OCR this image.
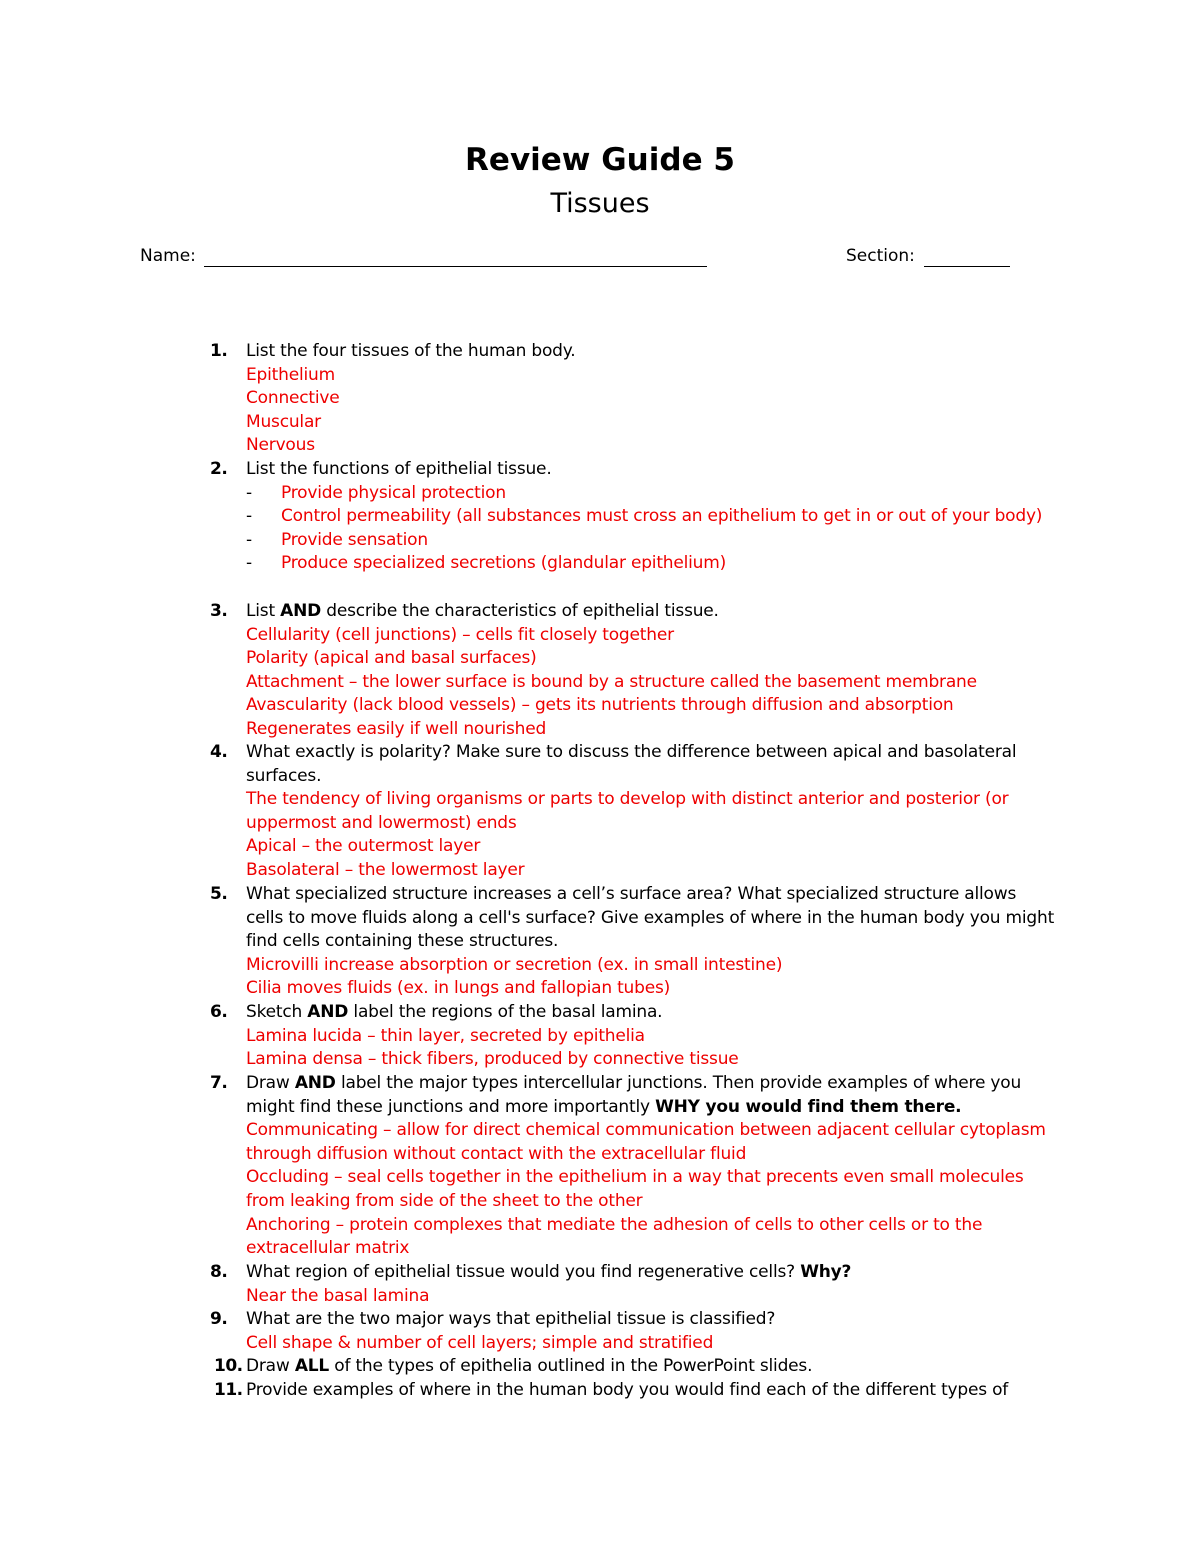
Review Guide 5
Tissues
Name:	Section:
1.	List the four tissues of the human body.
Epithelium
Connective
Muscular
Nervous
2.	List the functions of epithelial tissue.
- Provide physical protection
- Control permeability (all substances must cross an epithelium to get in or out of your body)
- Provide sensation
- Produce specialized secretions (glandular epithelium)
3.	List AND describe the characteristics of epithelial tissue.
Cellularity (cell junctions) – cells fit closely together
Polarity (apical and basal surfaces)
Attachment – the lower surface is bound by a structure called the basement membrane
Avascularity (lack blood vessels) – gets its nutrients through diffusion and absorption
Regenerates easily if well nourished
4.	What exactly is polarity? Make sure to discuss the difference between apical and basolateral surfaces.
The tendency of living organisms or parts to develop with distinct anterior and posterior (or uppermost and lowermost) ends
Apical – the outermost layer
Basolateral – the lowermost layer
5.	What specialized structure increases a cell’s surface area? What specialized structure allows cells to move fluids along a cell's surface? Give examples of where in the human body you might find cells containing these structures.
Microvilli increase absorption or secretion (ex. in small intestine)
Cilia moves fluids (ex. in lungs and fallopian tubes)
6.	Sketch AND label the regions of the basal lamina.
Lamina lucida – thin layer, secreted by epithelia
Lamina densa – thick fibers, produced by connective tissue
7.	Draw AND label the major types intercellular junctions. Then provide examples of where you might find these junctions and more importantly WHY you would find them there.
Communicating – allow for direct chemical communication between adjacent cellular cytoplasm through diffusion without contact with the extracellular fluid
Occluding – seal cells together in the epithelium in a way that precents even small molecules from leaking from side of the sheet to the other
Anchoring – protein complexes that mediate the adhesion of cells to other cells or to the extracellular matrix
8.	What region of epithelial tissue would you find regenerative cells? Why?
Near the basal lamina
9.	What are the two major ways that epithelial tissue is classified?
Cell shape & number of cell layers; simple and stratified
10. Draw ALL of the types of epithelia outlined in the PowerPoint slides.
11. Provide examples of where in the human body you would find each of the different types of
